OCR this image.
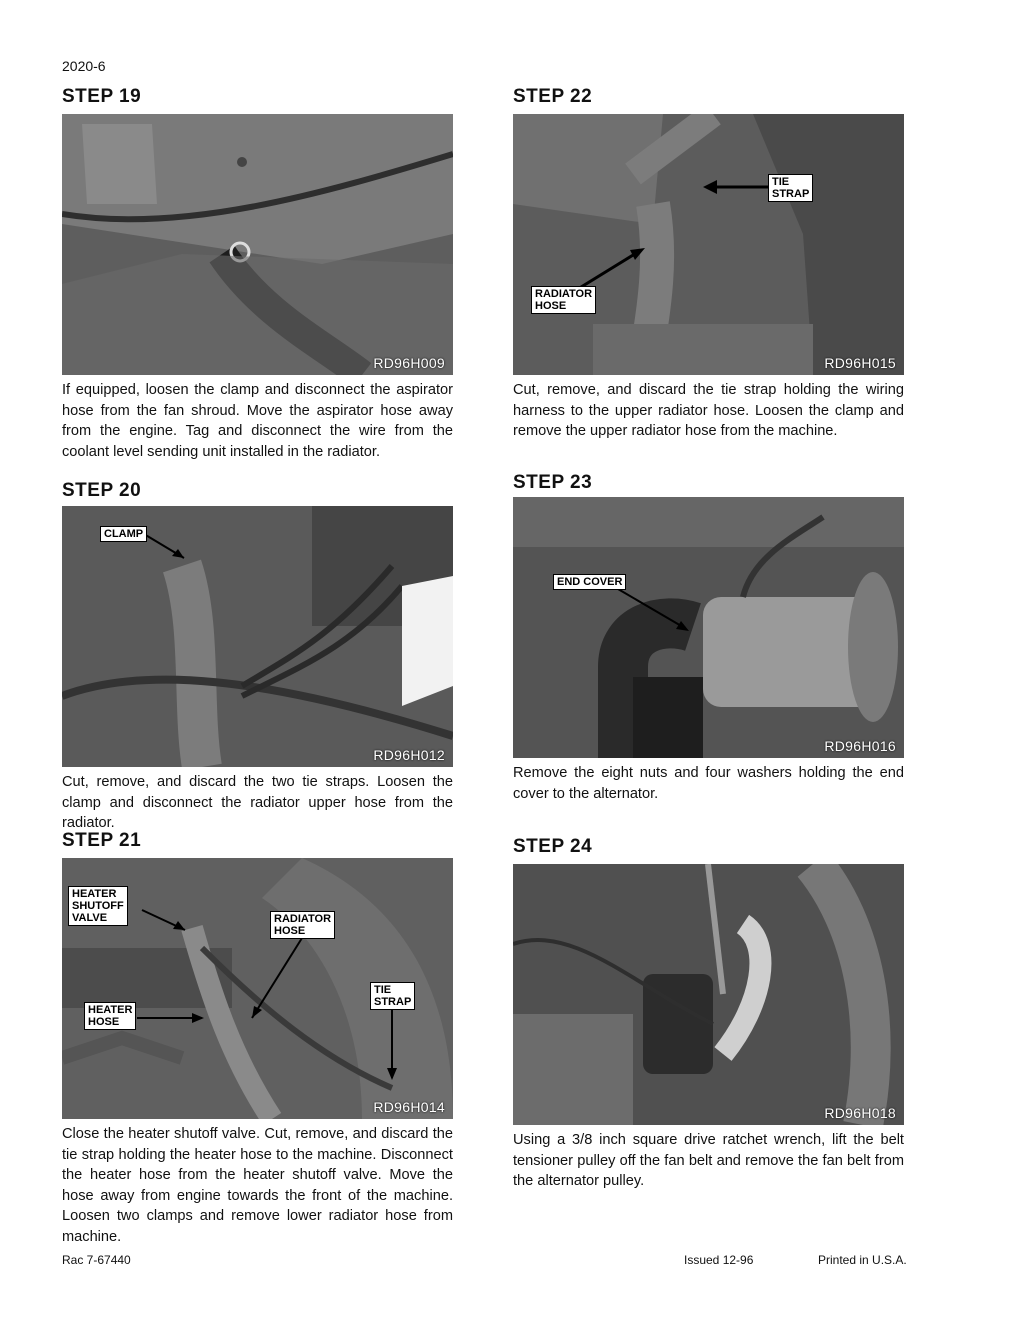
2020-6
STEP 19
RD96H009
If equipped, loosen the clamp and disconnect the aspirator hose from the fan shroud. Move the aspirator hose away from the engine. Tag and disconnect the wire from the coolant level sending unit installed in the radiator.
STEP 20
CLAMP
RD96H012
Cut, remove, and discard the two tie straps. Loosen the clamp and disconnect the radiator upper hose from the radiator.
STEP 21
HEATER
SHUTOFF
VALVE	RADIATOR
HOSE
TIE
STRAP
HEATER
HOSE
RD96H014
Close the heater shutoff valve. Cut, remove, and discard the tie strap holding the heater hose to the machine. Disconnect the heater hose from the heater shutoff valve. Move the hose away from engine towards the front of the machine. Loosen two clamps and remove lower radiator hose from machine.
STEP 22
TIE
STRAP
RADIATOR
HOSE
RD96H015
Cut, remove, and discard the tie strap holding the wiring harness to the upper radiator hose. Loosen the clamp and remove the upper radiator hose from the machine.
STEP 23
END COVER
RD96H016
Remove the eight nuts and four washers holding the end cover to the alternator.
STEP 24
RD96H018
Using a 3/8 inch square drive ratchet wrench, lift the belt tensioner pulley off the fan belt and remove the fan belt from the alternator pulley.
Rac 7-67440	Issued 12-96	Printed in U.S.A.
